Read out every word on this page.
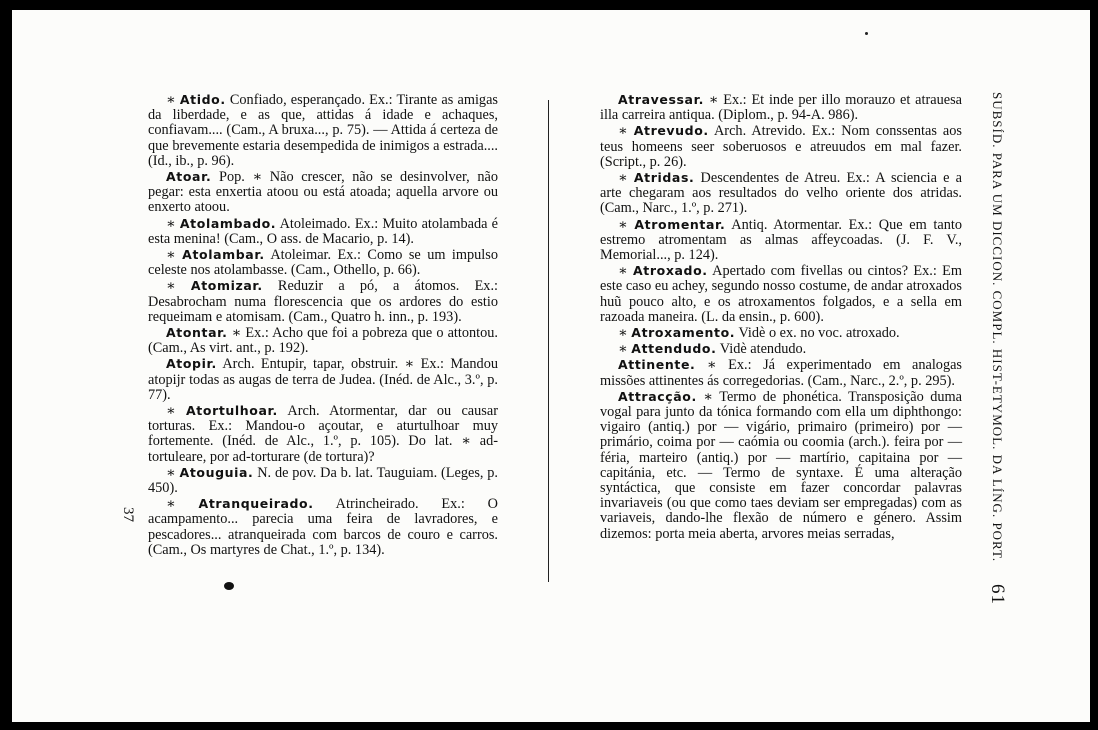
∗ Atido. Confiado, esperançado. Ex.: Tirante as amigas da liberdade, e as que, attidas á idade e achaques, confiavam.... (Cam., A bruxa..., p. 75). — Attida á certeza de que brevemente estaria desempedida de inimigos a estrada.... (Id., ib., p. 96).

Atoar. Pop. ∗ Não crescer, não se desinvolver, não pegar: esta enxertia atoou ou está atoada; aquella arvore ou enxerto atoou.

∗ Atolambado. Atoleimado. Ex.: Muito atolambada é esta menina! (Cam., O ass. de Macario, p. 14).

∗ Atolambar. Atoleimar. Ex.: Como se um impulso celeste nos atolambasse. (Cam., Othello, p. 66).

∗ Atomizar. Reduzir a pó, a átomos. Ex.: Desabrocham numa florescencia que os ardores do estio requeimam e atomisam. (Cam., Quatro h. inn., p. 193).

Atontar. ∗ Ex.: Acho que foi a pobreza que o attontou. (Cam., As virt. ant., p. 192).

Atopir. Arch. Entupir, tapar, obstruir. ∗ Ex.: Mandou atopijr todas as augas de terra de Judea. (Inéd. de Alc., 3.º, p. 77).

∗ Atortulhoar. Arch. Atormentar, dar ou causar torturas. Ex.: Mandou-o açoutar, e aturtulhoar muy fortemente. (Inéd. de Alc., 1.º, p. 105). Do lat. ∗ ad-tortuleare, por ad-torturare (de tortura)?

∗ Atouguia. N. de pov. Da b. lat. Tauguiam. (Leges, p. 450).

∗ Atranqueirado. Atrincheirado. Ex.: O acampamento... parecia uma feira de lavradores, e pescadores... atranqueirada com barcos de couro e carros. (Cam., Os martyres de Chat., 1.º, p. 134).

Atravessar. ∗ Ex.: Et inde per illo morauzo et atrauesa illa carreira antiqua. (Diplom., p. 94-A. 986).

∗ Atrevudo. Arch. Atrevido. Ex.: Nom conssentas aos teus homeens seer soberuosos e atreuudos em mal fazer. (Script., p. 26).

∗ Atridas. Descendentes de Atreu. Ex.: A sciencia e a arte chegaram aos resultados do velho oriente dos atridas. (Cam., Narc., 1.º, p. 271).

∗ Atromentar. Antiq. Atormentar. Ex.: Que em tanto estremo atromentam as almas affeycoadas. (J. F. V., Memorial..., p. 124).

∗ Atroxado. Apertado com fivellas ou cintos? Ex.: Em este caso eu achey, segundo nosso costume, de andar atroxados huũ pouco alto, e os atroxamentos folgados, e a sella em razoada maneira. (L. da ensin., p. 600).

∗ Atroxamento. Vidè o ex. no voc. atroxado.

∗ Attendudo. Vidè atendudo.

Attinente. ∗ Ex.: Já experimentado em analogas missões attinentes ás corregedorias. (Cam., Narc., 2.º, p. 295).

Attracção. ∗ Termo de phonética. Transposição duma vogal para junto da tónica formando com ella um diphthongo: vigairo (antiq.) por — vigário, primairo (primeiro) por — primário, coima por — caómia ou coomia (arch.). feira por — féria, marteiro (antiq.) por — martírio, capitaina por — capitánia, etc. — Termo de syntaxe. É uma alteração syntáctica, que consiste em fazer concordar palavras invariaveis (ou que como taes deviam ser empregadas) com as variaveis, dando-lhe flexão de número e género. Assim dizemos: porta meia aberta, arvores meias serradas,	SUBSÍD. PARA UM DICCION. COMPL. HIST-ETYMOL. DA LÍNG. PORT. 61
37
